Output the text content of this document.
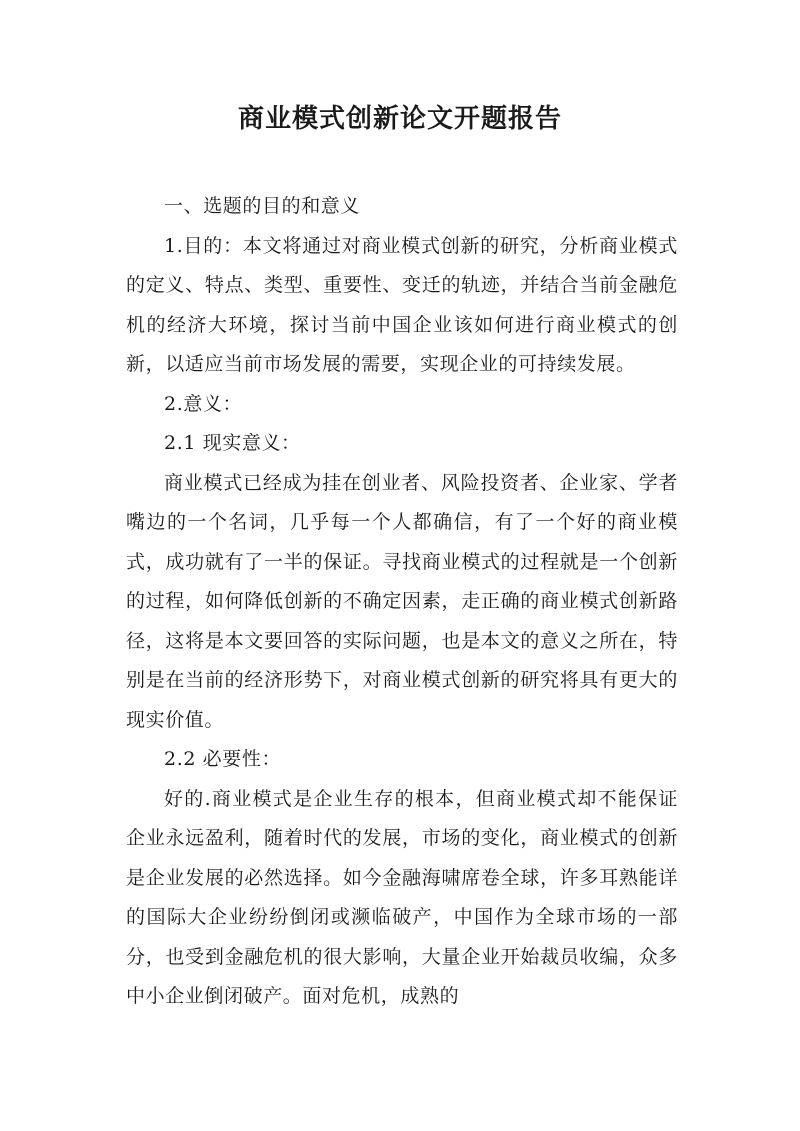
商业模式创新论文开题报告

一、选题的目的和意义

1.目的：本文将通过对商业模式创新的研究，分析商业模式的定义、特点、类型、重要性、变迁的轨迹，并结合当前金融危机的经济大环境，探讨当前中国企业该如何进行商业模式的创新，以适应当前市场发展的需要，实现企业的可持续发展。

2.意义：

2.1 现实意义：

商业模式已经成为挂在创业者、风险投资者、企业家、学者嘴边的一个名词，几乎每一个人都确信，有了一个好的商业模式，成功就有了一半的保证。寻找商业模式的过程就是一个创新的过程，如何降低创新的不确定因素，走正确的商业模式创新路径，这将是本文要回答的实际问题，也是本文的意义之所在，特别是在当前的经济形势下，对商业模式创新的研究将具有更大的现实价值。

2.2 必要性：

好的.商业模式是企业生存的根本，但商业模式却不能保证企业永远盈利，随着时代的发展，市场的变化，商业模式的创新是企业发展的必然选择。如今金融海啸席卷全球，许多耳熟能详的国际大企业纷纷倒闭或濒临破产，中国作为全球市场的一部分，也受到金融危机的很大影响，大量企业开始裁员收编，众多中小企业倒闭破产。面对危机，成熟的
